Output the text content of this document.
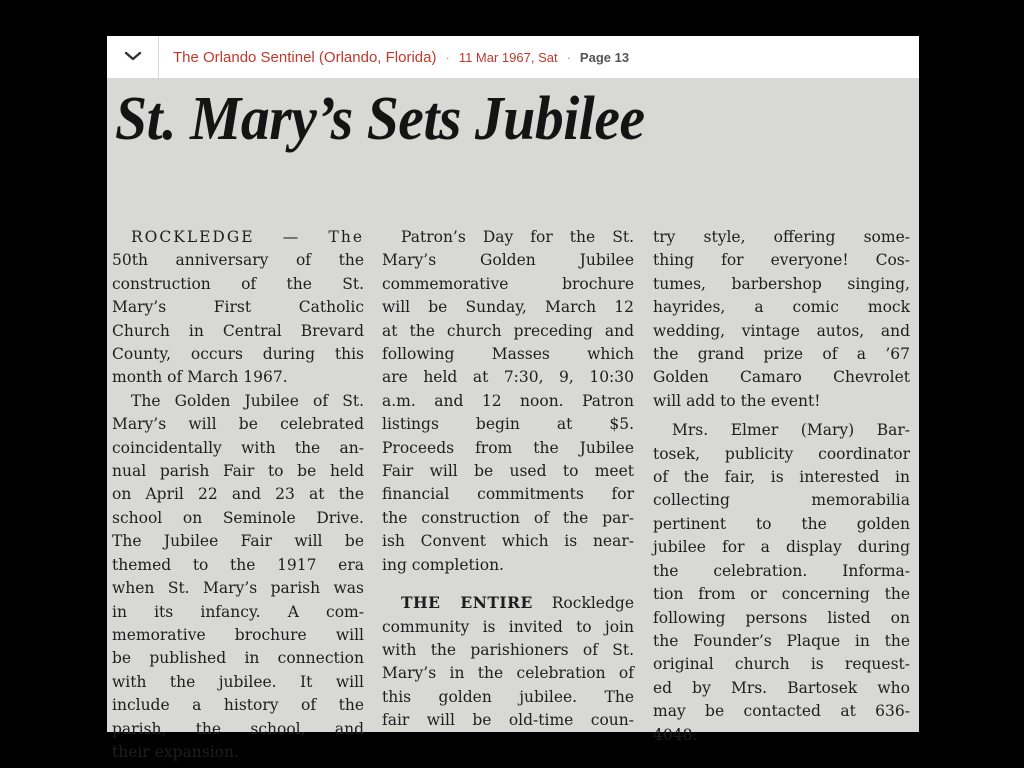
The Orlando Sentinel (Orlando, Florida) · 11 Mar 1967, Sat · Page 13
St. Mary’s Sets Jubilee
ROCKLEDGE — The
50th anniversary of the
construction of the St.
Mary’s First Catholic
Church in Central Brevard
County, occurs during this
month of March 1967.
The Golden Jubilee of St.
Mary’s will be celebrated
coincidentally with the an-
nual parish Fair to be held
on April 22 and 23 at the
school on Seminole Drive.
The Jubilee Fair will be
themed to the 1917 era
when St. Mary’s parish was
in its infancy. A com-
memorative brochure will
be published in connection
with the jubilee. It will
include a history of the
parish, the school, and
their expansion.
Patron’s Day for the St.
Mary’s Golden Jubilee
commemorative brochure
will be Sunday, March 12
at the church preceding and
following Masses which
are held at 7:30, 9, 10:30
a.m. and 12 noon. Patron
listings begin at $5.
Proceeds from the Jubilee
Fair will be used to meet
financial commitments for
the construction of the par-
ish Convent which is near-
ing completion.
THE ENTIRE Rockledge
community is invited to join
with the parishioners of St.
Mary’s in the celebration of
this golden jubilee. The
fair will be old-time coun-
try style, offering some-
thing for everyone! Cos-
tumes, barbershop singing,
hayrides, a comic mock
wedding, vintage autos, and
the grand prize of a ’67
Golden Camaro Chevrolet
will add to the event!
Mrs. Elmer (Mary) Bar-
tosek, publicity coordinator
of the fair, is interested in
collecting memorabilia
pertinent to the golden
jubilee for a display during
the celebration. Informa-
tion from or concerning the
following persons listed on
the Founder’s Plaque in the
original church is request-
ed by Mrs. Bartosek who
may be contacted at 636-
4048.
